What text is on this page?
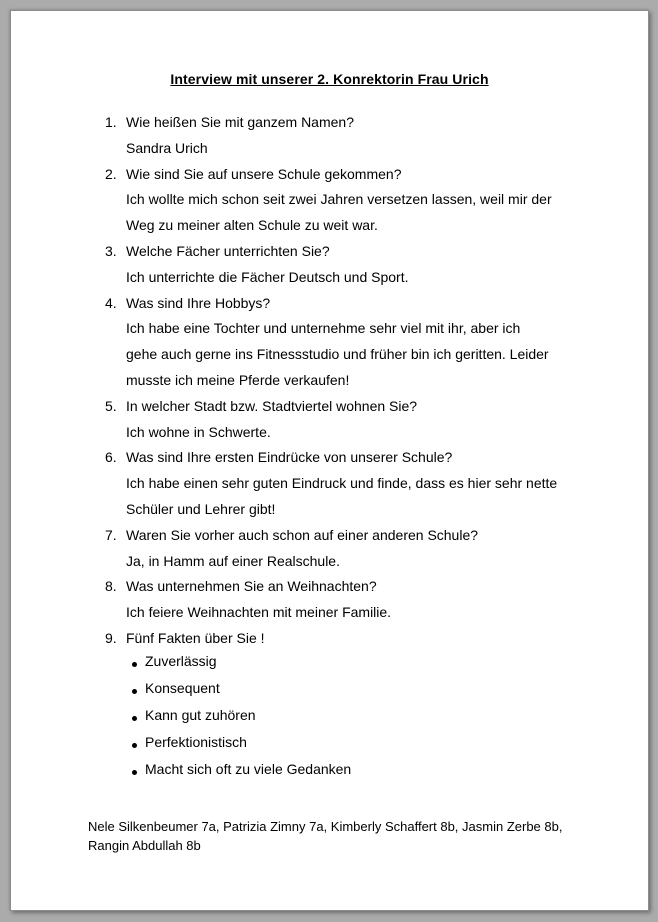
Interview mit unserer 2. Konrektorin Frau Urich
1. Wie heißen Sie mit ganzem Namen?
Sandra Urich
2. Wie sind Sie auf unsere Schule gekommen?
Ich wollte mich schon seit zwei Jahren versetzen lassen, weil mir der
Weg zu meiner alten Schule zu weit war.
3. Welche Fächer unterrichten Sie?
Ich unterrichte die Fächer Deutsch und Sport.
4. Was sind Ihre Hobbys?
Ich habe eine Tochter und unternehme sehr viel mit ihr, aber ich
gehe auch gerne ins Fitnessstudio und früher bin ich geritten. Leider
musste ich meine Pferde verkaufen!
5. In welcher Stadt bzw. Stadtviertel wohnen Sie?
Ich wohne in Schwerte.
6. Was sind Ihre ersten Eindrücke von unserer Schule?
Ich habe einen sehr guten Eindruck und finde, dass es hier sehr nette
Schüler und Lehrer gibt!
7. Waren Sie vorher auch schon auf einer anderen Schule?
Ja, in Hamm auf einer Realschule.
8. Was unternehmen Sie an Weihnachten?
Ich feiere Weihnachten mit meiner Familie.
9. Fünf Fakten über Sie !
Zuverlässig
Konsequent
Kann gut zuhören
Perfektionistisch
Macht sich oft zu viele Gedanken
Nele Silkenbeumer 7a, Patrizia Zimny 7a, Kimberly Schaffert 8b, Jasmin Zerbe 8b,
Rangin Abdullah 8b
